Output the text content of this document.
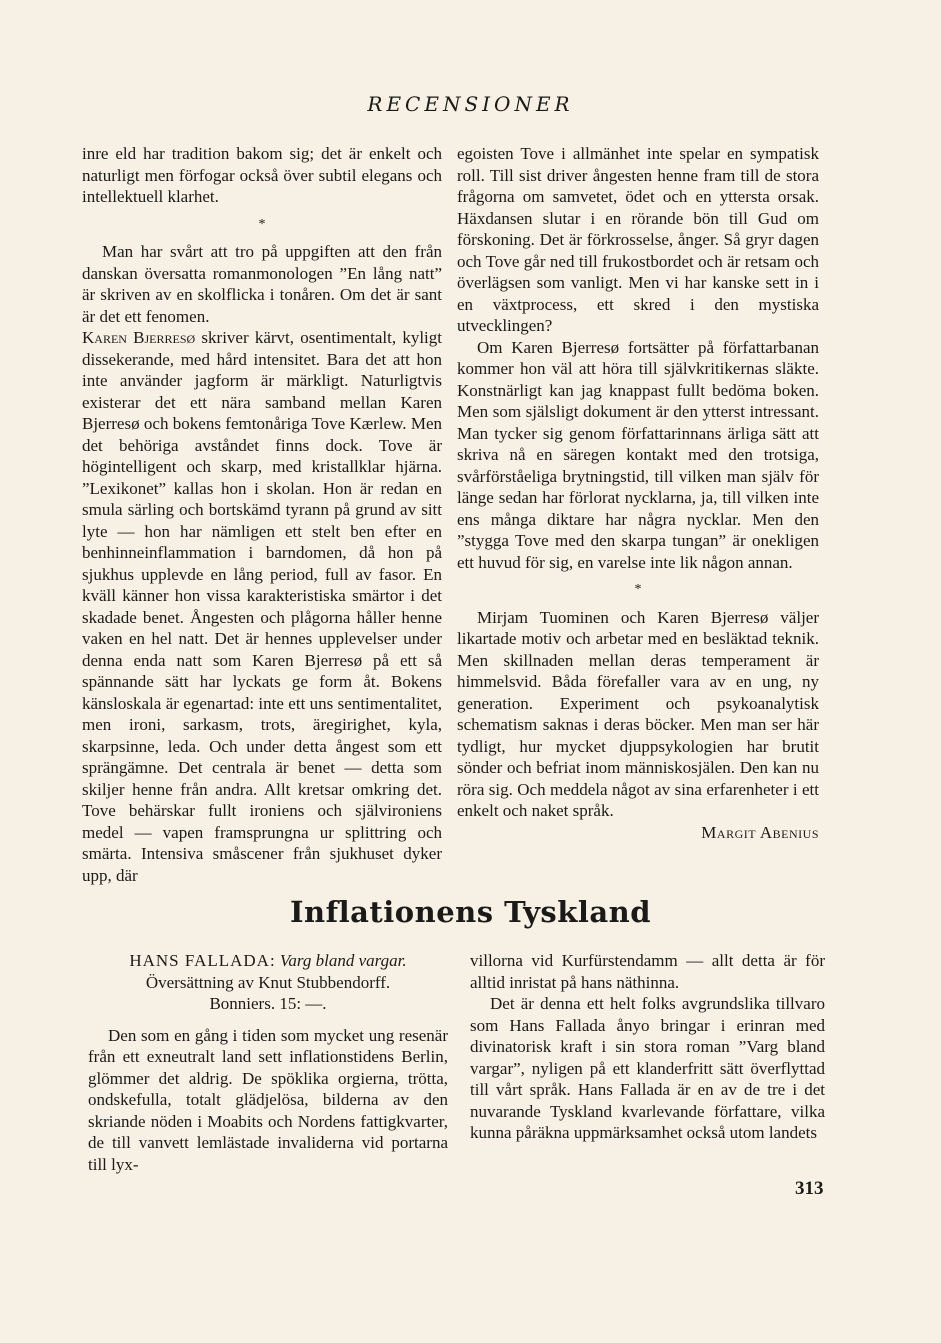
RECENSIONER

inre eld har tradition bakom sig; det är enkelt och naturligt men förfogar också över subtil elegans och intellektuell klarhet.

*

Man har svårt att tro på uppgiften att den från danskan översatta romanmonologen ”En lång natt” är skriven av en skolflicka i tonåren. Om det är sant är det ett fenomen.

Karen Bjerresø skriver kärvt, osentimentalt, kyligt dissekerande, med hård intensitet. Bara det att hon inte använder jagform är märkligt. Naturligtvis existerar det ett nära samband mellan Karen Bjerresø och bokens femtonåriga Tove Kærlew. Men det behöriga avståndet finns dock. Tove är högintelligent och skarp, med kristallklar hjärna. ”Lexikonet” kallas hon i skolan. Hon är redan en smula särling och bortskämd tyrann på grund av sitt lyte — hon har nämligen ett stelt ben efter en benhinneinflammation i barndomen, då hon på sjukhus upplevde en lång period, full av fasor. En kväll känner hon vissa karakteristiska smärtor i det skadade benet. Ångesten och plågorna håller henne vaken en hel natt. Det är hennes upplevelser under denna enda natt som Karen Bjerresø på ett så spännande sätt har lyckats ge form åt. Bokens känsloskala är egenartad: inte ett uns sentimentalitet, men ironi, sarkasm, trots, äregirighet, kyla, skarpsinne, leda. Och under detta ångest som ett sprängämne. Det centrala är benet — detta som skiljer henne från andra. Allt kretsar omkring det. Tove behärskar fullt ironiens och självironiens medel — vapen framsprungna ur splittring och smärta. Intensiva småscener från sjukhuset dyker upp, där

egoisten Tove i allmänhet inte spelar en sympatisk roll. Till sist driver ångesten henne fram till de stora frågorna om samvetet, ödet och en yttersta orsak. Häxdansen slutar i en rörande bön till Gud om förskoning. Det är förkrosselse, ånger. Så gryr dagen och Tove går ned till frukostbordet och är retsam och överlägsen som vanligt. Men vi har kanske sett in i en växtprocess, ett skred i den mystiska utvecklingen?

Om Karen Bjerresø fortsätter på författarbanan kommer hon väl att höra till självkritikernas släkte. Konstnärligt kan jag knappast fullt bedöma boken. Men som själsligt dokument är den ytterst intressant. Man tycker sig genom författarinnans ärliga sätt att skriva nå en säregen kontakt med den trotsiga, svårförståeliga brytningstid, till vilken man själv för länge sedan har förlorat nycklarna, ja, till vilken inte ens många diktare har några nycklar. Men den ”stygga Tove med den skarpa tungan” är onekligen ett huvud för sig, en varelse inte lik någon annan.

*

Mirjam Tuominen och Karen Bjerresø väljer likartade motiv och arbetar med en besläktad teknik. Men skillnaden mellan deras temperament är himmelsvid. Båda förefaller vara av en ung, ny generation. Experiment och psykoanalytisk schematism saknas i deras böcker. Men man ser här tydligt, hur mycket djuppsykologien har brutit sönder och befriat inom människosjälen. Den kan nu röra sig. Och meddela något av sina erfarenheter i ett enkelt och naket språk.

Margit Abenius

Inflationens Tyskland

HANS FALLADA: Varg bland vargar. Översättning av Knut Stubbendorff.
Bonniers. 15: —.

Den som en gång i tiden som mycket ung resenär från ett exneutralt land sett inflationstidens Berlin, glömmer det aldrig. De spöklika orgierna, trötta, ondskefulla, totalt glädjelösa, bilderna av den skriande nöden i Moabits och Nordens fattigkvarter, de till vanvett lemlästade invaliderna vid portarna till lyx-

villorna vid Kurfürstendamm — allt detta är för alltid inristat på hans näthinna.

Det är denna ett helt folks avgrundslika tillvaro som Hans Fallada ånyo bringar i erinran med divinatorisk kraft i sin stora roman ”Varg bland vargar”, nyligen på ett klanderfritt sätt överflyttad till vårt språk. Hans Fallada är en av de tre i det nuvarande Tyskland kvarlevande författare, vilka kunna påräkna uppmärksamhet också utom landets

313
